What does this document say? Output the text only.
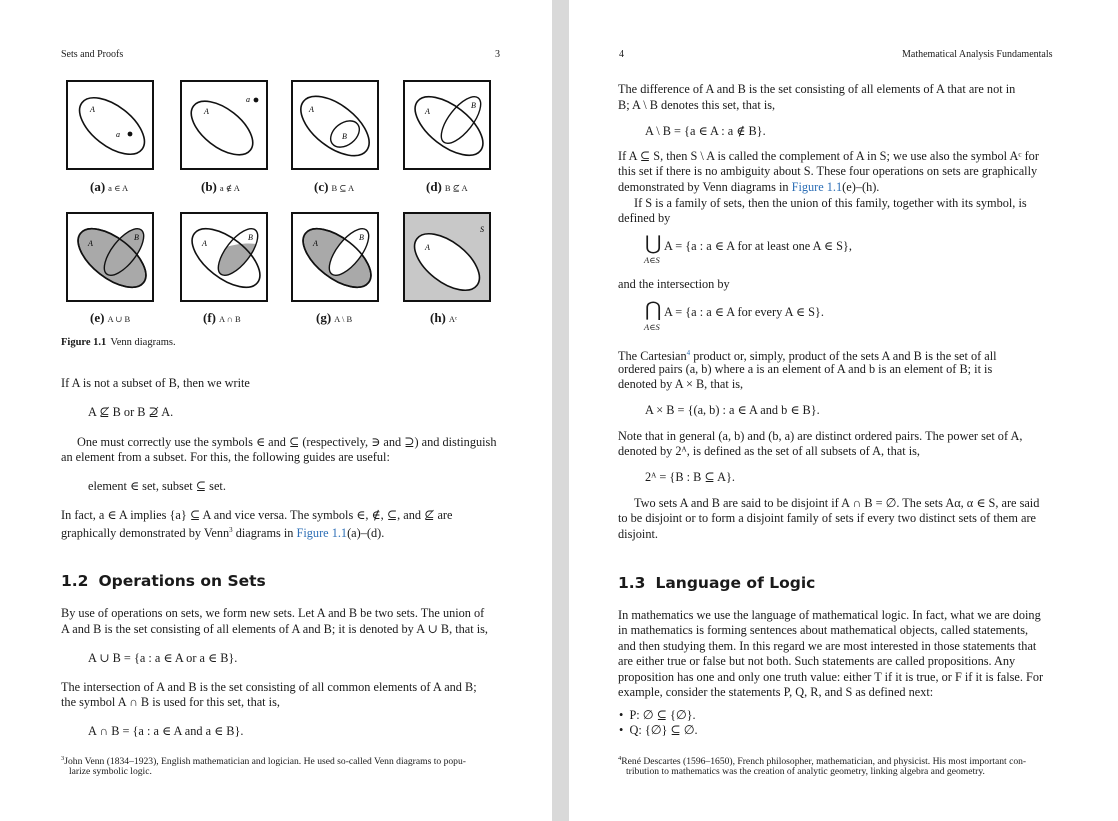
Sets and Proofs	3
A
a
A
a
A
B
A
B
(a) a ∈ A	(b) a ∉ A	(c) B ⊆ A	(d) B ⊈ A
A
B
A
B
A
B
A
S
(e) A ∪ B	(f) A ∩ B	(g) A \ B	(h) Aᶜ
Figure 1.1 Venn diagrams.
If A is not a subset of B, then we write
A ⊈ B or B ⊉ A.
One must correctly use the symbols ∈ and ⊆ (respectively, ∋ and ⊇) and distinguish
an element from a subset. For this, the following guides are useful:
element ∈ set, subset ⊆ set.
In fact, a ∈ A implies {a} ⊆ A and vice versa. The symbols ∈, ∉, ⊆, and ⊈ are
graphically demonstrated by Venn$^3$ diagrams in Figure 1.1(a)–(d).
1.2 Operations on Sets
By use of operations on sets, we form new sets. Let A and B be two sets. The union of
A and B is the set consisting of all elements of A and B; it is denoted by A ∪ B, that is,
A ∪ B = {a : a ∈ A or a ∈ B}.
The intersection of A and B is the set consisting of all common elements of A and B;
the symbol A ∩ B is used for this set, that is,
A ∩ B = {a : a ∈ A and a ∈ B}.
$^3$John Venn (1834–1923), English mathematician and logician. He used so-called Venn diagrams to popu-
larize symbolic logic.
4	Mathematical Analysis Fundamentals
The difference of A and B is the set consisting of all elements of A that are not in
B; A \ B denotes this set, that is,
A \ B = {a ∈ A : a ∉ B}.
If A ⊆ S, then S \ A is called the complement of A in S; we use also the symbol Aᶜ for
this set if there is no ambiguity about S. These four operations on sets are graphically
demonstrated by Venn diagrams in Figure 1.1(e)–(h).
If S is a family of sets, then the union of this family, together with its symbol, is
defined by
⋃ A = {a : a ∈ A for at least one A ∈ S},
A∈S
and the intersection by
⋂ A = {a : a ∈ A for every A ∈ S}.
A∈S
The Cartesian$^4$ product or, simply, product of the sets A and B is the set of all
ordered pairs (a, b) where a is an element of A and b is an element of B; it is
denoted by A × B, that is,
A × B = {(a, b) : a ∈ A and b ∈ B}.
Note that in general (a, b) and (b, a) are distinct ordered pairs. The power set of A,
denoted by 2ᴬ, is defined as the set of all subsets of A, that is,
2ᴬ = {B : B ⊆ A}.
Two sets A and B are said to be disjoint if A ∩ B = ∅. The sets Aα, α ∈ S, are said
to be disjoint or to form a disjoint family of sets if every two distinct sets of them are
disjoint.
1.3 Language of Logic
In mathematics we use the language of mathematical logic. In fact, what we are doing
in mathematics is forming sentences about mathematical objects, called statements,
and then studying them. In this regard we are most interested in those statements that
are either true or false but not both. Such statements are called propositions. Any
proposition has one and only one truth value: either T if it is true, or F if it is false. For
example, consider the statements P, Q, R, and S as defined next:
•  P: ∅ ⊆ {∅}.
•  Q: {∅} ⊆ ∅.
$^4$René Descartes (1596–1650), French philosopher, mathematician, and physicist. His most important con-
tribution to mathematics was the creation of analytic geometry, linking algebra and geometry.
